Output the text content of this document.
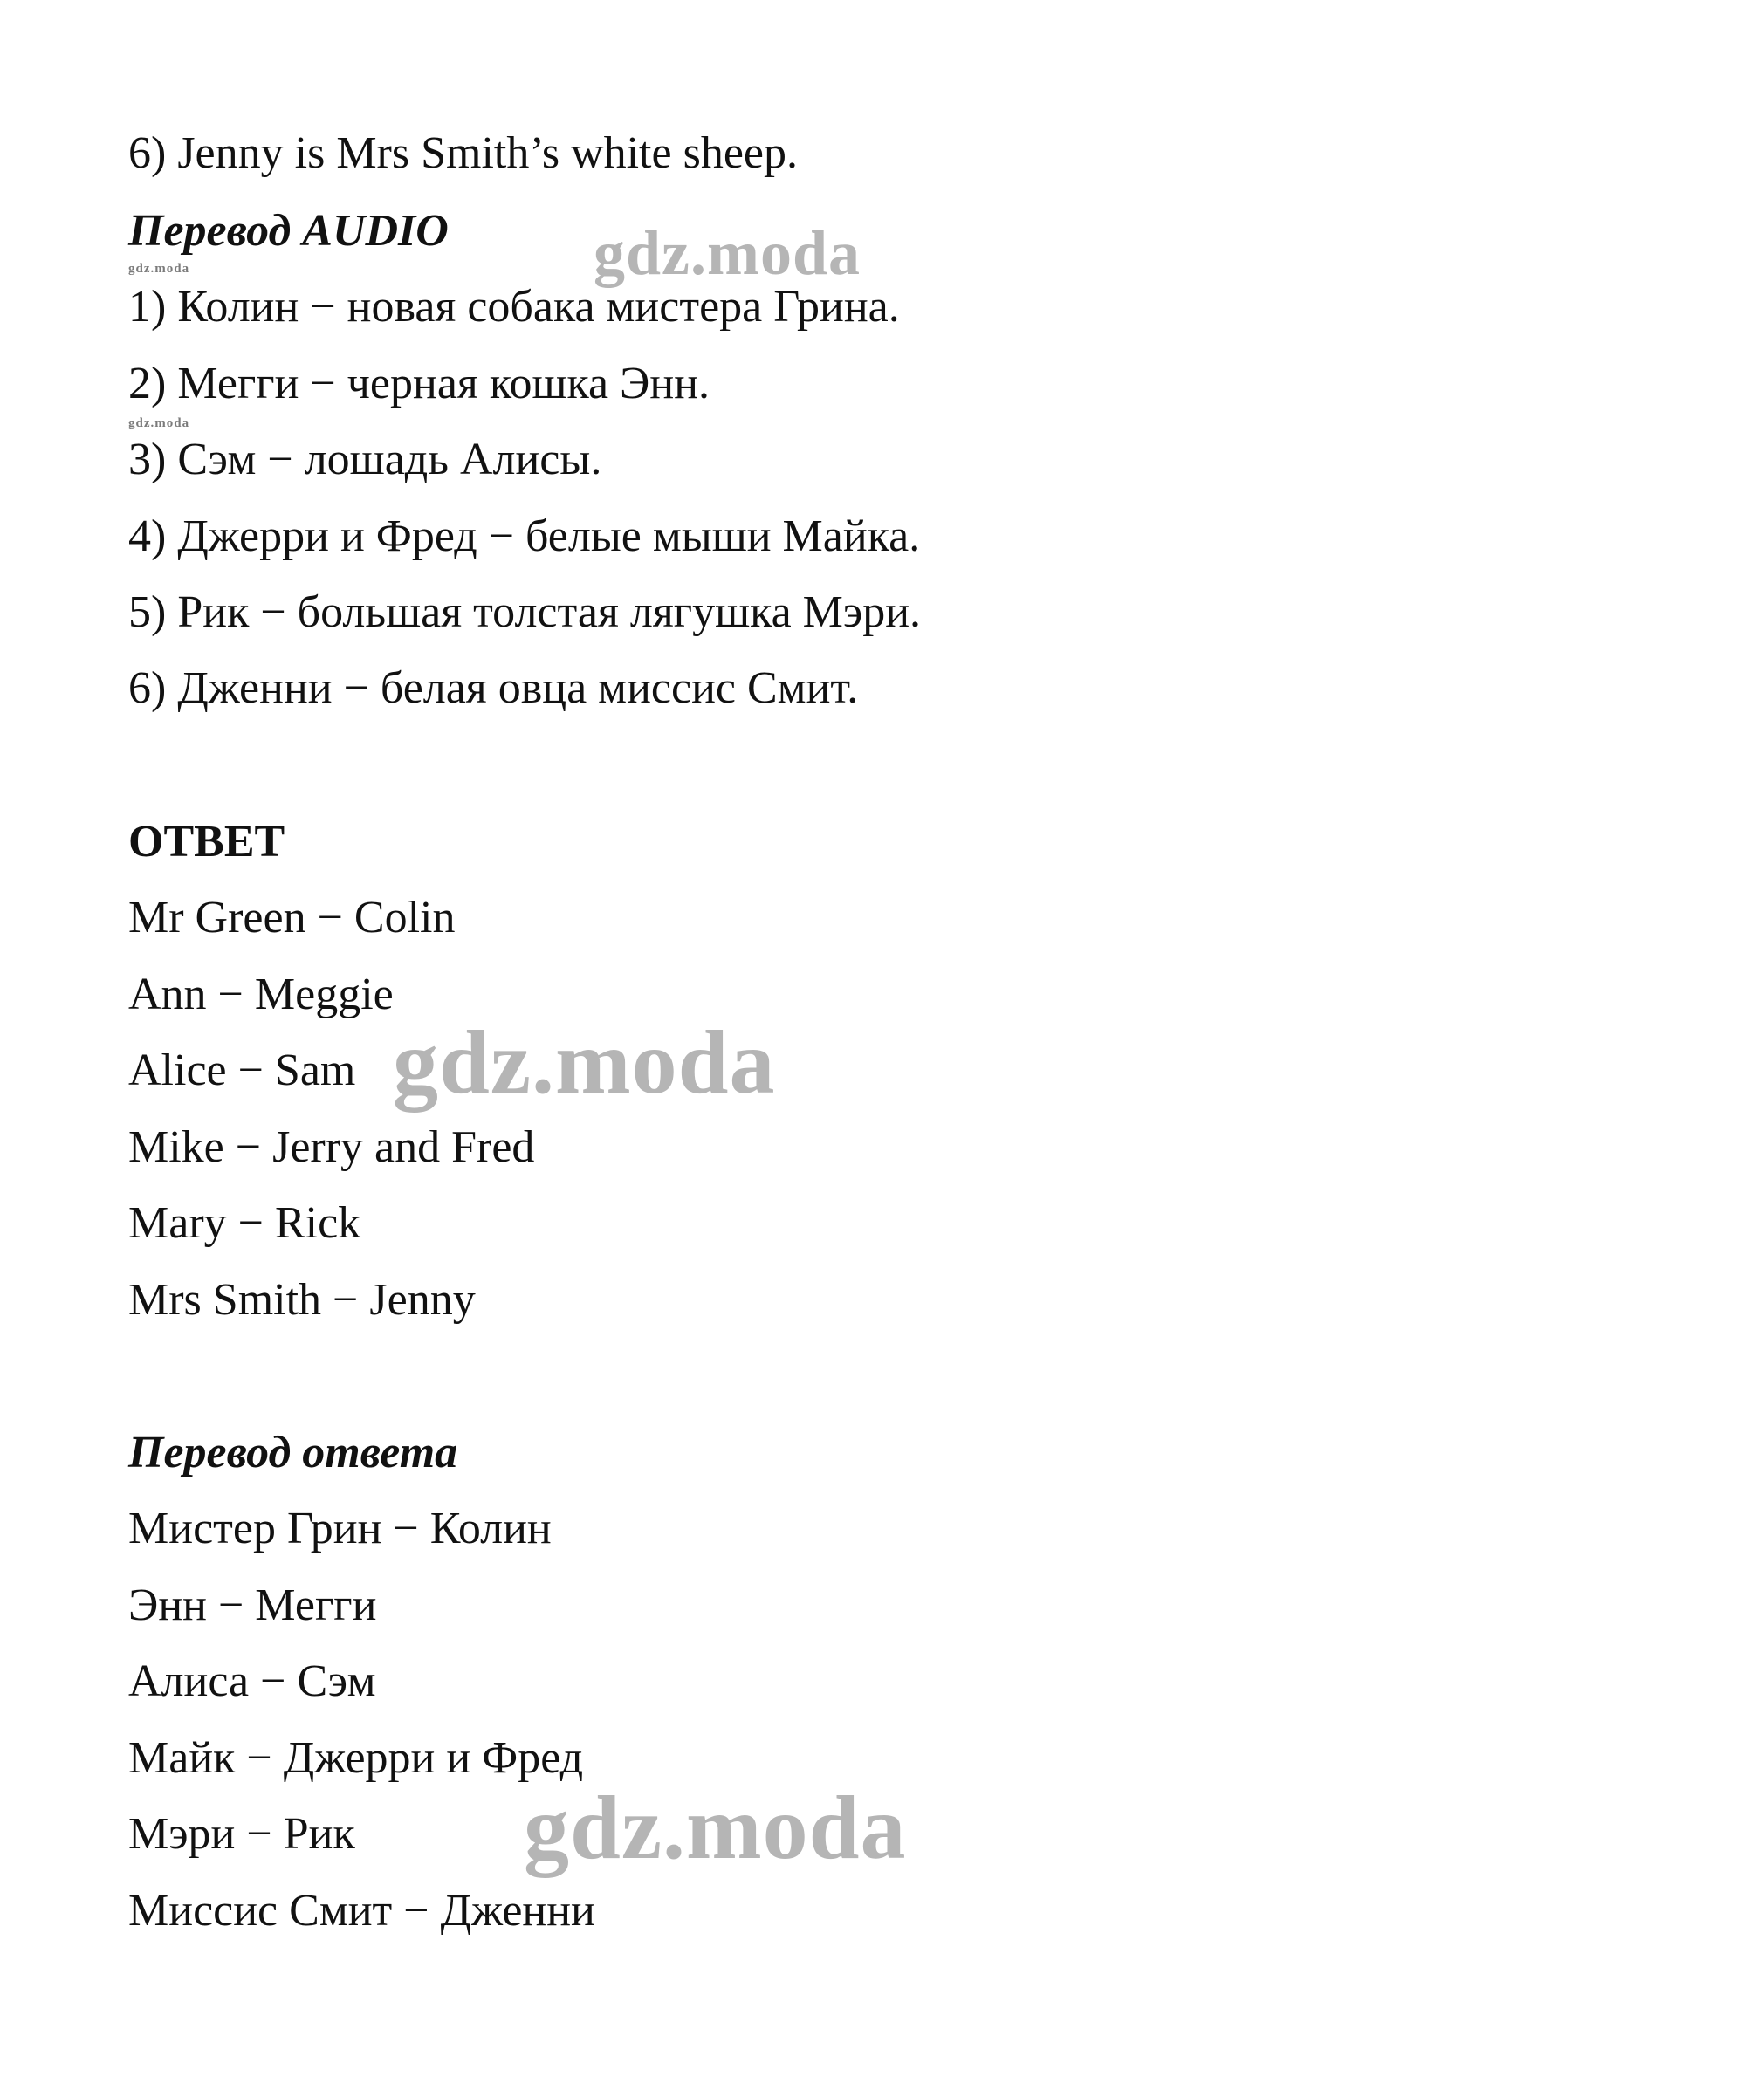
6) Jenny is Mrs Smith’s white sheep.
Перевод AUDIO
1) Колин − новая собака мистера Грина.
2) Мегги − черная кошка Энн.
3) Сэм − лошадь Алисы.
4) Джерри и Фред − белые мыши Майка.
5) Рик − большая толстая лягушка Мэри.
6) Дженни − белая овца миссис Смит.
ОТВЕТ
Mr Green − Colin
Ann − Meggie
Alice − Sam
Mike − Jerry and Fred
Mary − Rick
Mrs Smith − Jenny
Перевод ответа
Мистер Грин − Колин
Энн − Мегги
Алиса − Сэм
Майк − Джерри и Фред
Мэри − Рик
Миссис Смит − Дженни
gdz.moda
gdz.moda
gdz.moda
gdz.moda
gdz.moda
